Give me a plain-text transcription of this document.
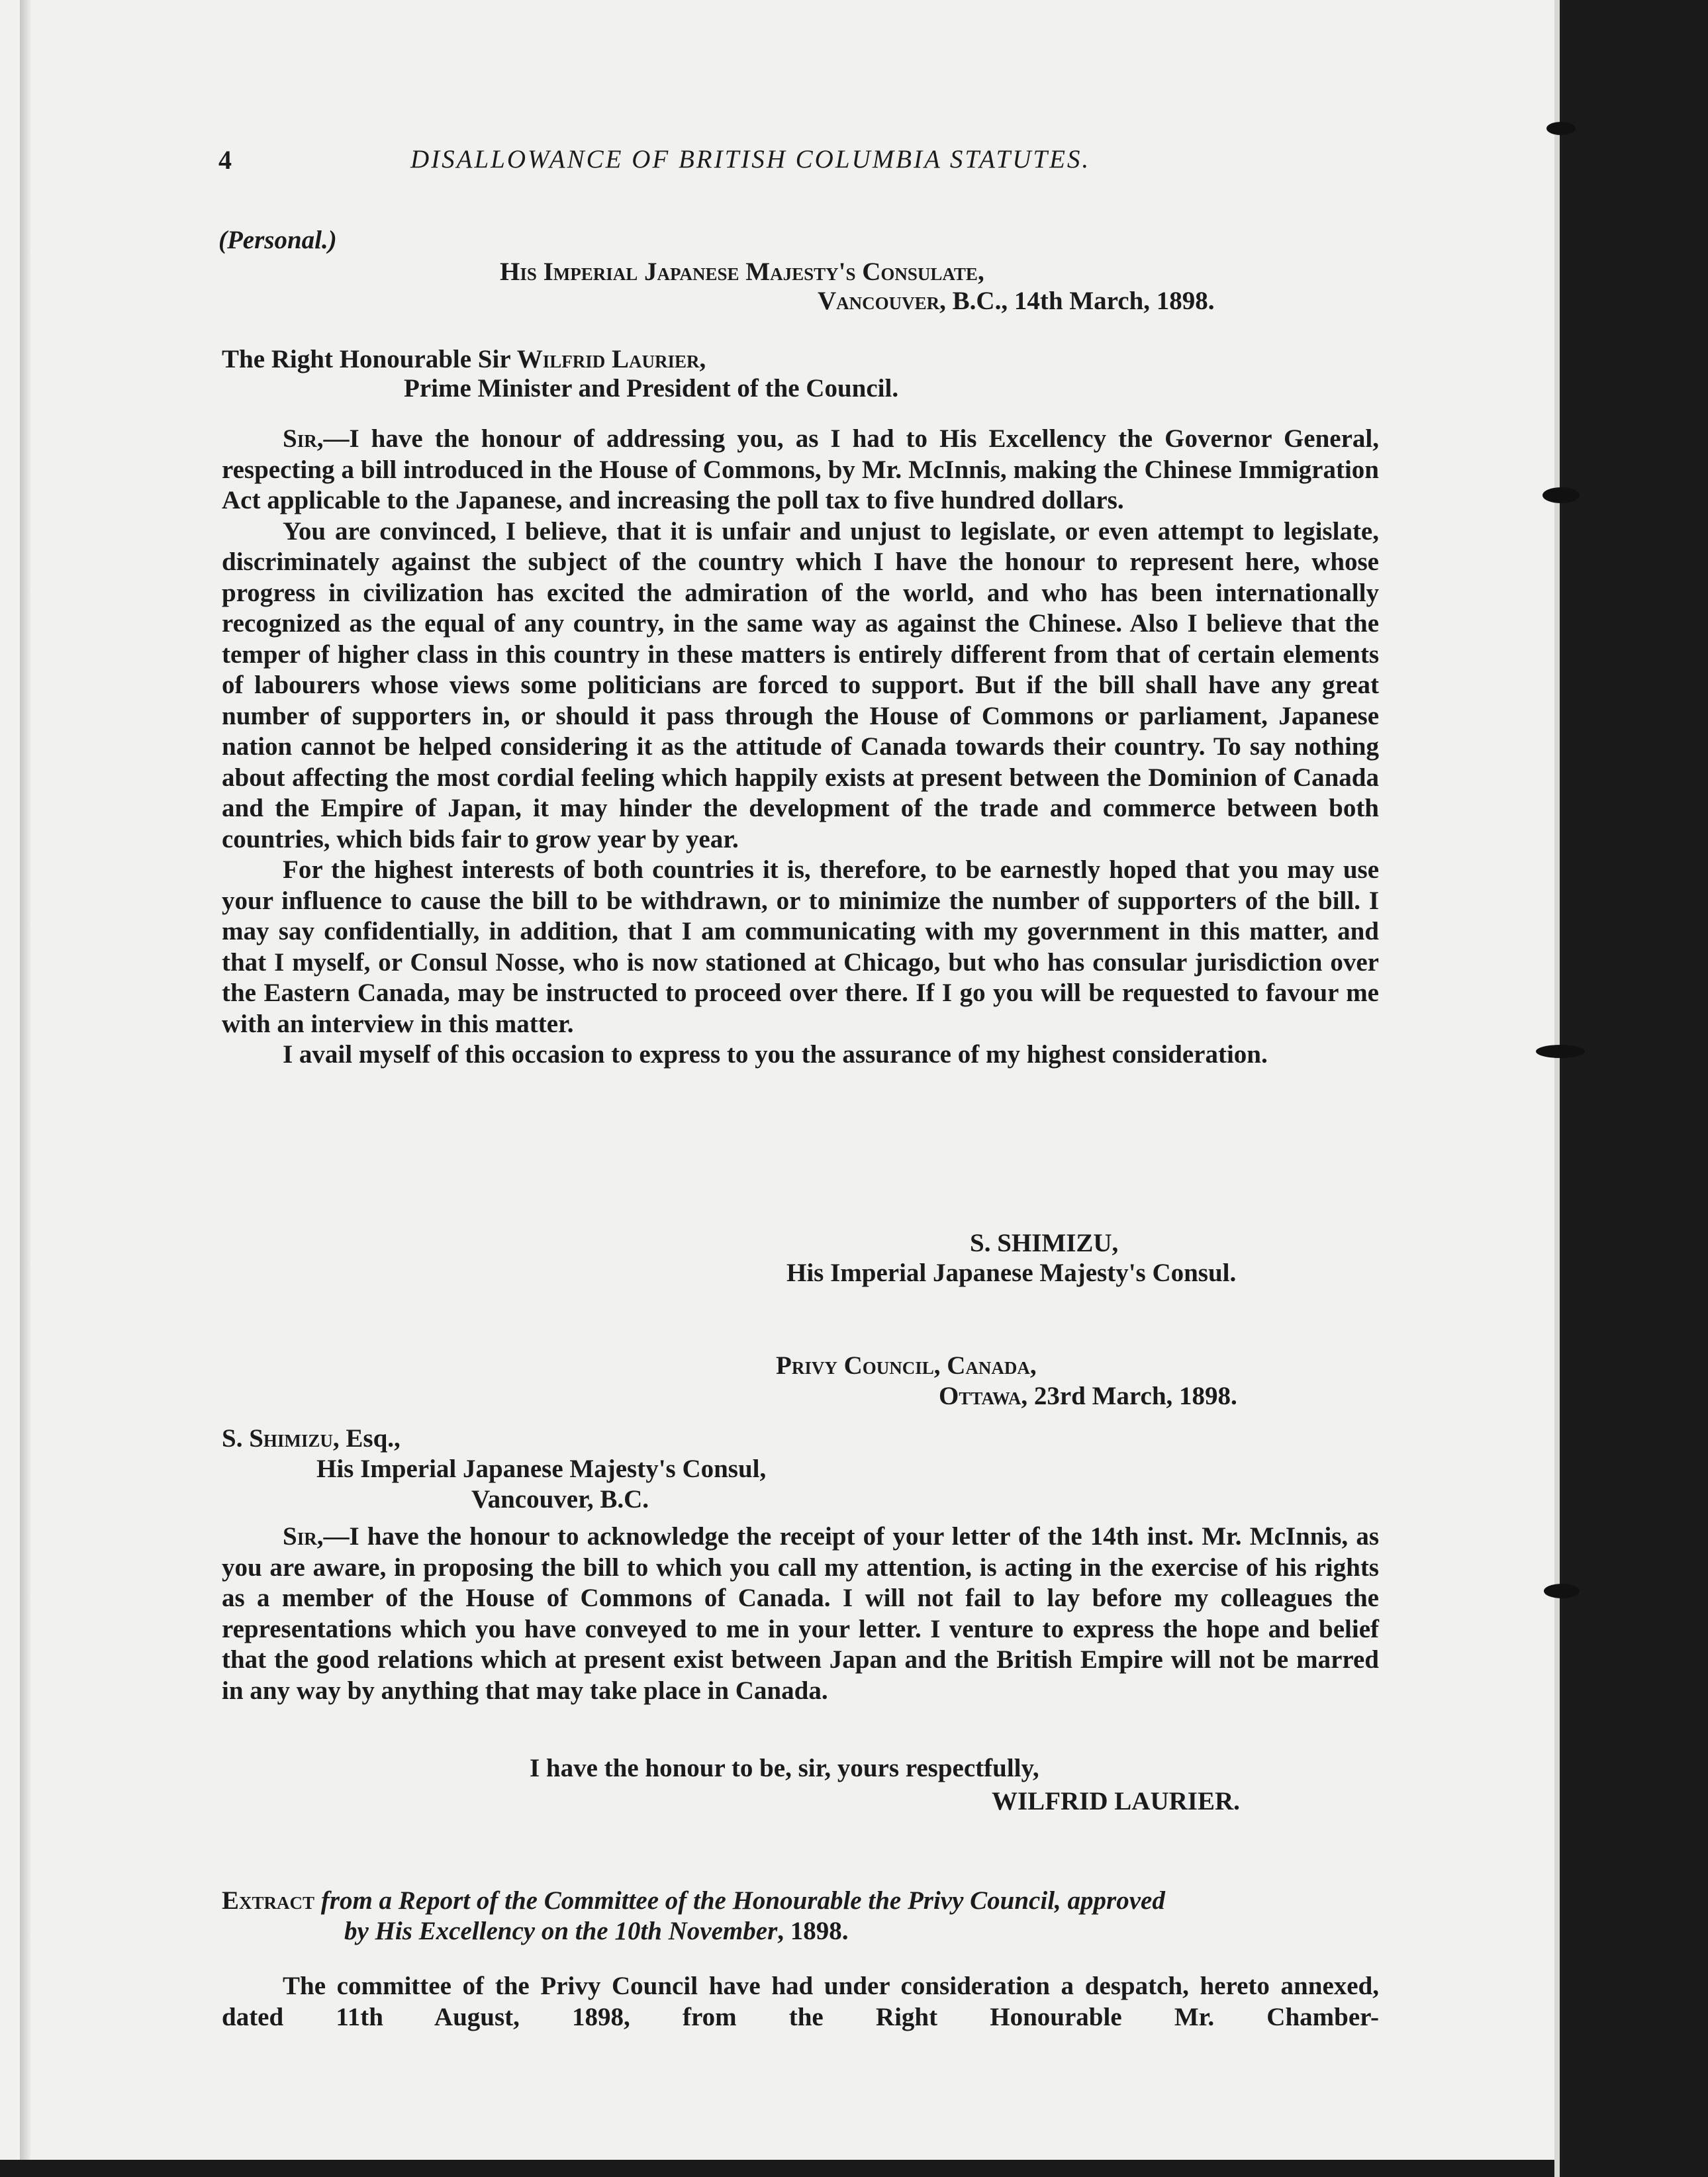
4	DISALLOWANCE OF BRITISH COLUMBIA STATUTES.
(Personal.)
His Imperial Japanese Majesty's Consulate,
Vancouver, B.C., 14th March, 1898.
The Right Honourable Sir Wilfrid Laurier,
Prime Minister and President of the Council.

Sir,—I have the honour of addressing you, as I had to His Excellency the Governor General, respecting a bill introduced in the House of Commons, by Mr. McInnis, making the Chinese Immigration Act applicable to the Japanese, and increasing the poll tax to five hundred dollars.

You are convinced, I believe, that it is unfair and unjust to legislate, or even attempt to legislate, discriminately against the subject of the country which I have the honour to represent here, whose progress in civilization has excited the admiration of the world, and who has been internationally recognized as the equal of any country, in the same way as against the Chinese. Also I believe that the temper of higher class in this country in these matters is entirely different from that of certain elements of labourers whose views some politicians are forced to support. But if the bill shall have any great number of supporters in, or should it pass through the House of Commons or parliament, Japanese nation cannot be helped considering it as the attitude of Canada towards their country. To say nothing about affecting the most cordial feeling which happily exists at present between the Dominion of Canada and the Empire of Japan, it may hinder the development of the trade and commerce between both countries, which bids fair to grow year by year.

For the highest interests of both countries it is, therefore, to be earnestly hoped that you may use your influence to cause the bill to be withdrawn, or to minimize the number of supporters of the bill. I may say confidentially, in addition, that I am communicating with my government in this matter, and that I myself, or Consul Nosse, who is now stationed at Chicago, but who has consular jurisdiction over the Eastern Canada, may be instructed to proceed over there. If I go you will be requested to favour me with an interview in this matter.

I avail myself of this occasion to express to you the assurance of my highest consideration.

S. SHIMIZU,
His Imperial Japanese Majesty's Consul.
Privy Council, Canada,
Ottawa, 23rd March, 1898.
S. Shimizu, Esq.,
His Imperial Japanese Majesty's Consul,
Vancouver, B.C.

Sir,—I have the honour to acknowledge the receipt of your letter of the 14th inst. Mr. McInnis, as you are aware, in proposing the bill to which you call my attention, is acting in the exercise of his rights as a member of the House of Commons of Canada. I will not fail to lay before my colleagues the representations which you have conveyed to me in your letter. I venture to express the hope and belief that the good relations which at present exist between Japan and the British Empire will not be marred in any way by anything that may take place in Canada.

I have the honour to be, sir, yours respectfully,
WILFRID LAURIER.
Extract from a Report of the Committee of the Honourable the Privy Council, approved
by His Excellency on the 10th November, 1898.

The committee of the Privy Council have had under consideration a despatch, hereto annexed, dated 11th August, 1898, from the Right Honourable Mr. Chamber-
